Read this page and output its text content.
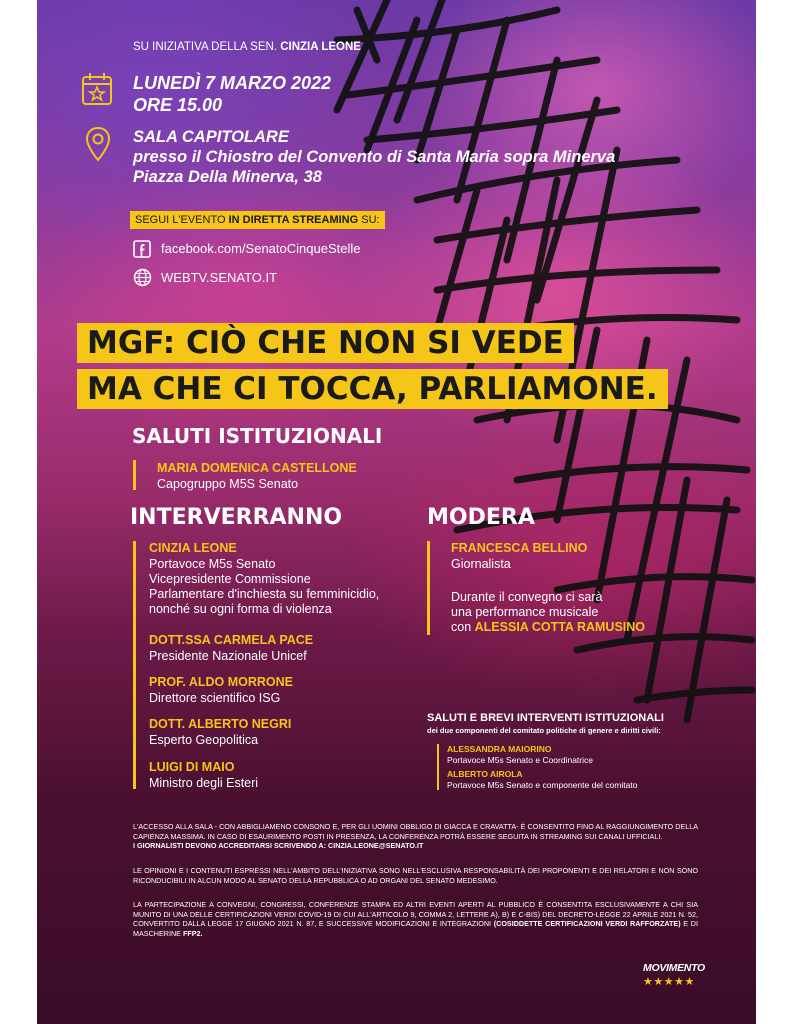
SU INIZIATIVA DELLA SEN. CINZIA LEONE
LUNEDÌ 7 MARZO 2022
ORE 15.00
SALA CAPITOLARE
presso il Chiostro del Convento di Santa Maria sopra Minerva
Piazza Della Minerva, 38
SEGUI L'EVENTO IN DIRETTA STREAMING SU:
facebook.com/SenatoCinqueStelle
WEBTV.SENATO.IT
MGF: CIÒ CHE NON SI VEDE
MA CHE CI TOCCA, PARLIAMONE.
SALUTI ISTITUZIONALI
MARIA DOMENICA CASTELLONE
Capogruppo M5S Senato
INTERVERRANNO
CINZIA LEONE
Portavoce M5s Senato
Vicepresidente Commissione
Parlamentare d'inchiesta su femminicidio,
nonché su ogni forma di violenza
DOTT.SSA CARMELA PACE
Presidente Nazionale Unicef
PROF. ALDO MORRONE
Direttore scientifico ISG
DOTT. ALBERTO NEGRI
Esperto Geopolitica
LUIGI DI MAIO
Ministro degli Esteri
MODERA
FRANCESCA BELLINO
Giornalista
Durante il convegno ci sarà
una performance musicale
con ALESSIA COTTA RAMUSINO
SALUTI E BREVI INTERVENTI ISTITUZIONALI
dei due componenti del comitato politiche di genere e diritti civili:
ALESSANDRA MAIORINO
Portavoce M5s Senato e Coordinatrice
ALBERTO AIROLA
Portavoce M5s Senato e componente del comitato
L'ACCESSO ALLA SALA - CON ABBIGLIAMENO CONSONO E, PER GLI UOMINI OBBLIGO DI GIACCA E CRAVATTA- È CONSENTITO FINO AL RAGGIUNGIMENTO DELLA CAPIENZA MASSIMA. IN CASO DI ESAURIMENTO POSTI IN PRESENZA, LA CONFERENZA POTRÀ ESSERE SEGUITA IN STREAMING SUI CANALI UFFICIALI.
I GIORNALISTI DEVONO ACCREDITARSI SCRIVENDO A: CINZIA.LEONE@SENATO.IT
LE OPINIONI E I CONTENUTI ESPRESSI NELL'AMBITO DELL'INIZIATIVA SONO NELL'ESCLUSIVA RESPONSABILITÀ DEI PROPONENTI E DEI RELATORI E NON SONO RICONDUCIBILI IN ALCUN MODO AL SENATO DELLA REPUBBLICA O AD ORGANI DEL SENATO MEDESIMO.
LA PARTECIPAZIONE A CONVEGNI, CONGRESSI, CONFERENZE STAMPA ED ALTRI EVENTI APERTI AL PUBBLICO È CONSENTITA ESCLUSIVAMENTE A CHI SIA MUNITO DI UNA DELLE CERTIFICAZIONI VERDI COVID-19 DI CUI ALL'ARTICOLO 9, COMMA 2, LETTERE A), B) E C-BIS) DEL DECRETO-LEGGE 22 APRILE 2021 N. 52, CONVERTITO DALLA LEGGE 17 GIUGNO 2021 N. 87, E SUCCESSIVE MODIFICAZIONI E INTEGRAZIONI (COSIDDETTE CERTIFICAZIONI VERDI RAFFORZATE) E DI MASCHERINE FFP2.
MOVIMENTO
★★★★★
